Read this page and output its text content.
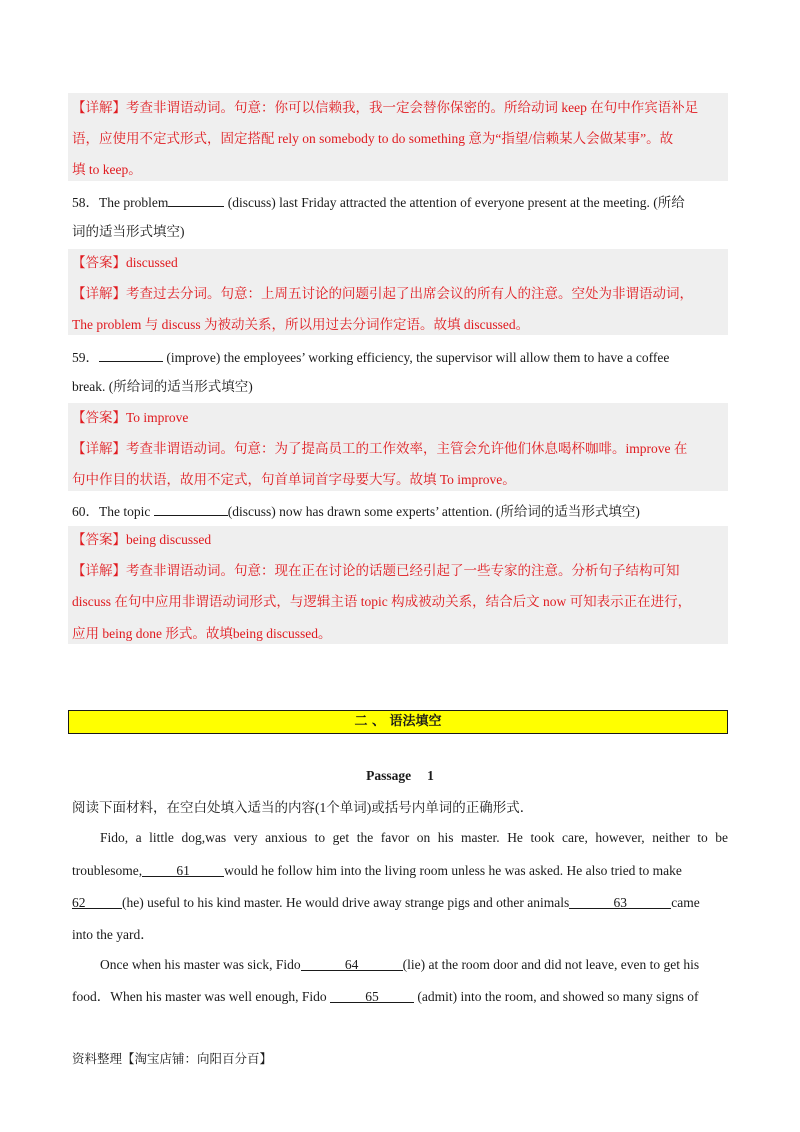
【详解】考查非谓语动词。句意：你可以信赖我，我一定会替你保密的。所给动词 keep 在句中作宾语补足
语，应使用不定式形式，固定搭配 rely on somebody to do something 意为“指望/信赖某人会做某事”。故
填 to keep。
58．The problem	(discuss) last Friday attracted the attention of everyone present at the meeting. (所给
词的适当形式填空)
【答案】discussed
【详解】考查过去分词。句意：上周五讨论的问题引起了出席会议的所有人的注意。空处为非谓语动词，
The problem 与 discuss 为被动关系，所以用过去分词作定语。故填 discussed。
59．	(improve) the employees’ working efficiency, the supervisor will allow them to have a coffee
break. (所给词的适当形式填空)
【答案】To improve
【详解】考查非谓语动词。句意：为了提高员工的工作效率，主管会允许他们休息喝杯咖啡。improve 在
句中作目的状语，故用不定式，句首单词首字母要大写。故填 To improve。
60．The topic	(discuss) now has drawn some experts’ attention. (所给词的适当形式填空)
【答案】being discussed
【详解】考查非谓语动词。句意：现在正在讨论的话题已经引起了一些专家的注意。分析句子结构可知
discuss 在句中应用非谓语动词形式，与逻辑主语 topic 构成被动关系，结合后文 now 可知表示正在进行，
应用 being done 形式。故填being discussed。
二 、 语法填空
Passage 1
阅读下面材料，在空白处填入适当的内容(1个单词)或括号内单词的正确形式．
Fido, a little dog,was very anxious to get the favor on his master. He took care, however, neither to be
troublesome,	61	would he follow him into the living room unless he was asked. He also tried to make
62	(he) useful to his kind master. He would drive away strange pigs and other animals	63	came
into the yard．
Once when his master was sick, Fido	64	(lie) at the room door and did not leave, even to get his
food．When his master was well enough, Fido	65	(admit) into the room, and showed so many signs of
资料整理【淘宝店铺：向阳百分百】
